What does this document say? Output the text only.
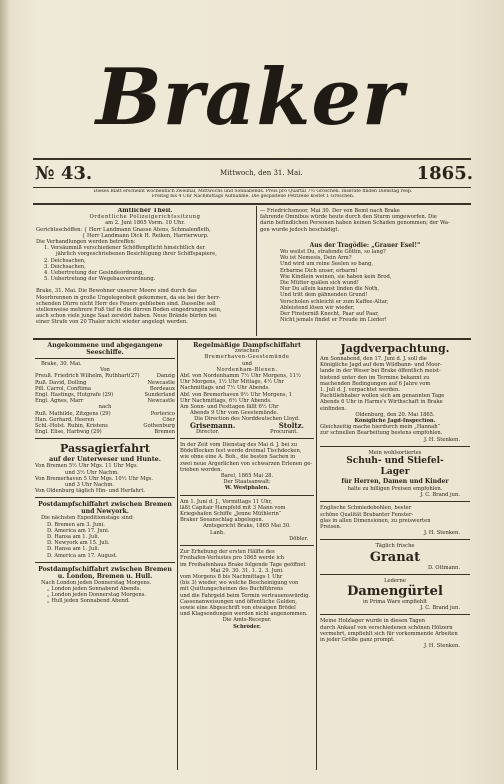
Braker
№ 43.	Mittwoch, den 31. Mai.	1865.
Dieses Blatt erscheint wöchentlich zweimal, Mittwochs und Sonnabends. Preis pro Quartal 7½ Groschen. Inserate finden Dienstag resp.
Freitag bis 4 Uhr Nachmittags Aufnahme. Die gespaltene Petitzeile kostet 1 Groschen.
Amtlicher Theil.
Ordentliche Polizeigerichtssitzung
am 2. Juni 1865 Vorm. 10 Uhr.
Gerichtsschöffen: { Herr Landmann Gnasse Atens, Schmalenfleth,
{ Herr Landmann Dick H. Reiken, Harrierwurp.
Die Verhandlungen werden betreffen:
1. Versäumniß verschiedener Schöffenpflicht hinsichtlich der
jährlich vorgeschriebenen Besichtigung ihrer Schiffspapiere,
2. Deichsachen,
3. Deichsachen,
4. Uebertretung der Gesindeordnung,
5. Uebertretung der Wegebauverordnung.
Brake, 31. Mai. Die Bewohner unserer Moore sind durch das
Moorbrennen in große Ungelegenheit gekommen, da sie bei der herr-
schenden Dürre nicht Herr des Feuers geblieben sind. Dasselbe soll
stellenweise mehrere Fuß tief in die dürren Boden eingedrungen sein,
auch schon viele junge Saat zerstört haben. Neue Brände bürfen bei
einer Strafe von 20 Thaler nicht wieder angelegt werden.
— Friedrichsmoor, Mai 30. Der von Bemt nach Brake
fahrende Omnibus würde heute durch den Sturm umgeworfen. Die
darin befindlichen Personen haben keinen Schaden genommen; der Wa-
gen wurde jedoch beschädigt.
Aus der Tragödie: „Grauer Esel!“
Wo weilst Du, strafende Göttin, so lang?
Wo ist Nemesis, Dein Arm?
Und wird um reine Seelen so bang,
Erbarme Dich unser, erbarm!
Wie Kindlein weinen, sie haben kein Brod,
Die Mütter quälen sich wund!
Nur Du allein kannst linden die Noth,
Und tritt dem gähnenden Grund!
Verscholen schleicht er zum Kaffee-Altar,
Ableistend lösen wir wieder,
Der Finsterniß Knecht, Paar auf Paar,
Nicht jemals findet er Freude im Lieder!
Angekommene und abgegangene Seeschiffe.
Brake, 30. Mai.
Von
Preuß. Friedrich Wilhelm, Ruthhart(27)	Danzig
Ruß. David, Dolling	Newcastle
Pill. Carrol, Conftima	Bordeaux
Engl. Hastings, Hutgrafe (29)	Sunderland
Engl. Agnes, Marr	Newcastle
nach
Ruß. Mathilde, Zitzgens (29)	Porterico
Han. Gerhard, Heeren	Cöer
Schl.-Holst. Rubin, Kristens	Gothenburg
Engl. Elise, Harbwig (29)	Bremen
Passagierfahrt
auf der Unterweser und Hunte.
Von Bremen 5½ Uhr Mgs. 11 Uhr Mgs.
und 3½ Uhr Nachm.
Von Bremerhaven 5 Uhr Mgs. 10½ Uhr Mgs.
und 3 Uhr Nachm.
Von Oldenburg täglich Hin- und Herfahrt.
Postdampfschiffahrt zwischen Bremen und Newyork.
Die nächsten Expeditionstage sind:
D. Bremen am 3. Juni.
D. America am 17. Juni.
D. Hansa am 1. Juli.
D. Newyork am 15. Juli.
D. Hansa am 1. Juli.
D. America am 17. August.
Postdampfschiffahrt zwischen Bremen u. London, Bremen u. Hull.
Nach London jeden Donnerstag Morgens.
„ London jeden Sonnabend Abends.
„ London jeden Donnerstag Morgens.
„ Hull jeden Sonnabend Abend.
Regelmäßige Dampfschiffahrt
zwischen
Bremerhaven-Geestemünde
und
Nordenham-Blexen.
Abf. von Nordenhamm 7½ Uhr Morgens, 11½
Uhr Morgens, 1½ Uhr Mittags, 4½ Uhr
Nachmittags und 7½ Uhr Abends.
Abf. von Bremerhaven 9½ Uhr Morgens, 1
Uhr Nachmittags, 6½ Uhr Abends.
Am Sonn- und Festtagen fällt 6½ Uhr
Abends 9 Uhr vom Geestemünde.
Die Direction des Norddeutschen Lloyd.
Grisemann.	Stoltz.
Director.	Procurant.
In der Zeit vom Dienstag des Mai d. J. bei zu
Bödelflocken fest werde dreimal Tischdecken,
wie ohne eine A. Boh., die besten Sachen in
zwei neue Ärgerlichen von schwarzen Erlenen ge-
trieben worden.
Barel, 1865 Mai 28.
Der Staatsanwalt:
W. Westphalen.
Am 1. Juni d. J., Vormittags 11 Uhr,
läßt Capitair Hampfeld mit 3 Mann vom
Kriegshafen Schiffe „Jenne Müthlerin“
Braker Seeanschlag abgelegen.
Amtsgericht Brake, 1865 Mai 30.
Lanb.
Döbler.
Zur Erhebung der ersten Hälfte des
Freihafen-Verlustes pro 1865 werde ich
im Freihafenhaus Brake folgende Tage geöffnet
Mai 29. 30. 31. 1. 2. 3. Juni.
vom Morgens 8 bis Nachmittags 1 Uhr
(bis 3) wieder, wo welche Bescheinigung von
mit Quittungscheinen des Buchführens
und die Fahrgeld beim Termin vertrauenswürdig.
Cassenanweisungen und öffentliche Gulden,
sowie eine Abgeschrift von etwaigen Brödel
und Klagsendungen werden nicht angenommen.
Die Amts-Recepur.
Schröder.
Jagdverpachtung.
Am Sonnabend, den 17. Juni d. J. soll die
Königliche Jagd auf dem Wildbann- und Moor-
lande in der Weser bei Brake öffentlich meist-
bietend unter den im Termine bekannt zu
machenden Bedingungen auf 6 Jahre vom
1. Juli d. J. verpachtet werden.
Pachtliebhaber wollen sich am genannten Tage
Abends 6 Uhr in Harms's Wirthschaft in Brake
einfinden.
Oldenburg, den 20. Mai 1865.
Königliche Jagd-Inspection.
Gleichzeitig mache hierdurch mein „Hannah“
zur schnellen Bearbeitung bestens empfohlen.
J. H. Stenken.
Mein wohlsortiertes
Schuh- und Stiefel-
Lager
für Herren, Damen und Kinder
halte zu billigen Preisen empfohlen.
J. C. Brand jun.
Englische Schmiedebohlen, bester
schöne Qualität Brabanter Fenster-
glas in allen Dimensionen, zu preiswerten
Preisen.
J. H. Stenken.
Täglich frische
Granat
D. Ottmann.
Lederne
Damengürtel
in Prima Ware empfiehlt
J. C. Brand jun.
Meine Holzlager wurde in diesen Tagen
durch Ankauf von verschiedenen schönen Hölzern
vermehrt, empfiehlt sich für vorkommende Arbeiten
in jeder Größe ganz prompt.
J. H. Stenken.
